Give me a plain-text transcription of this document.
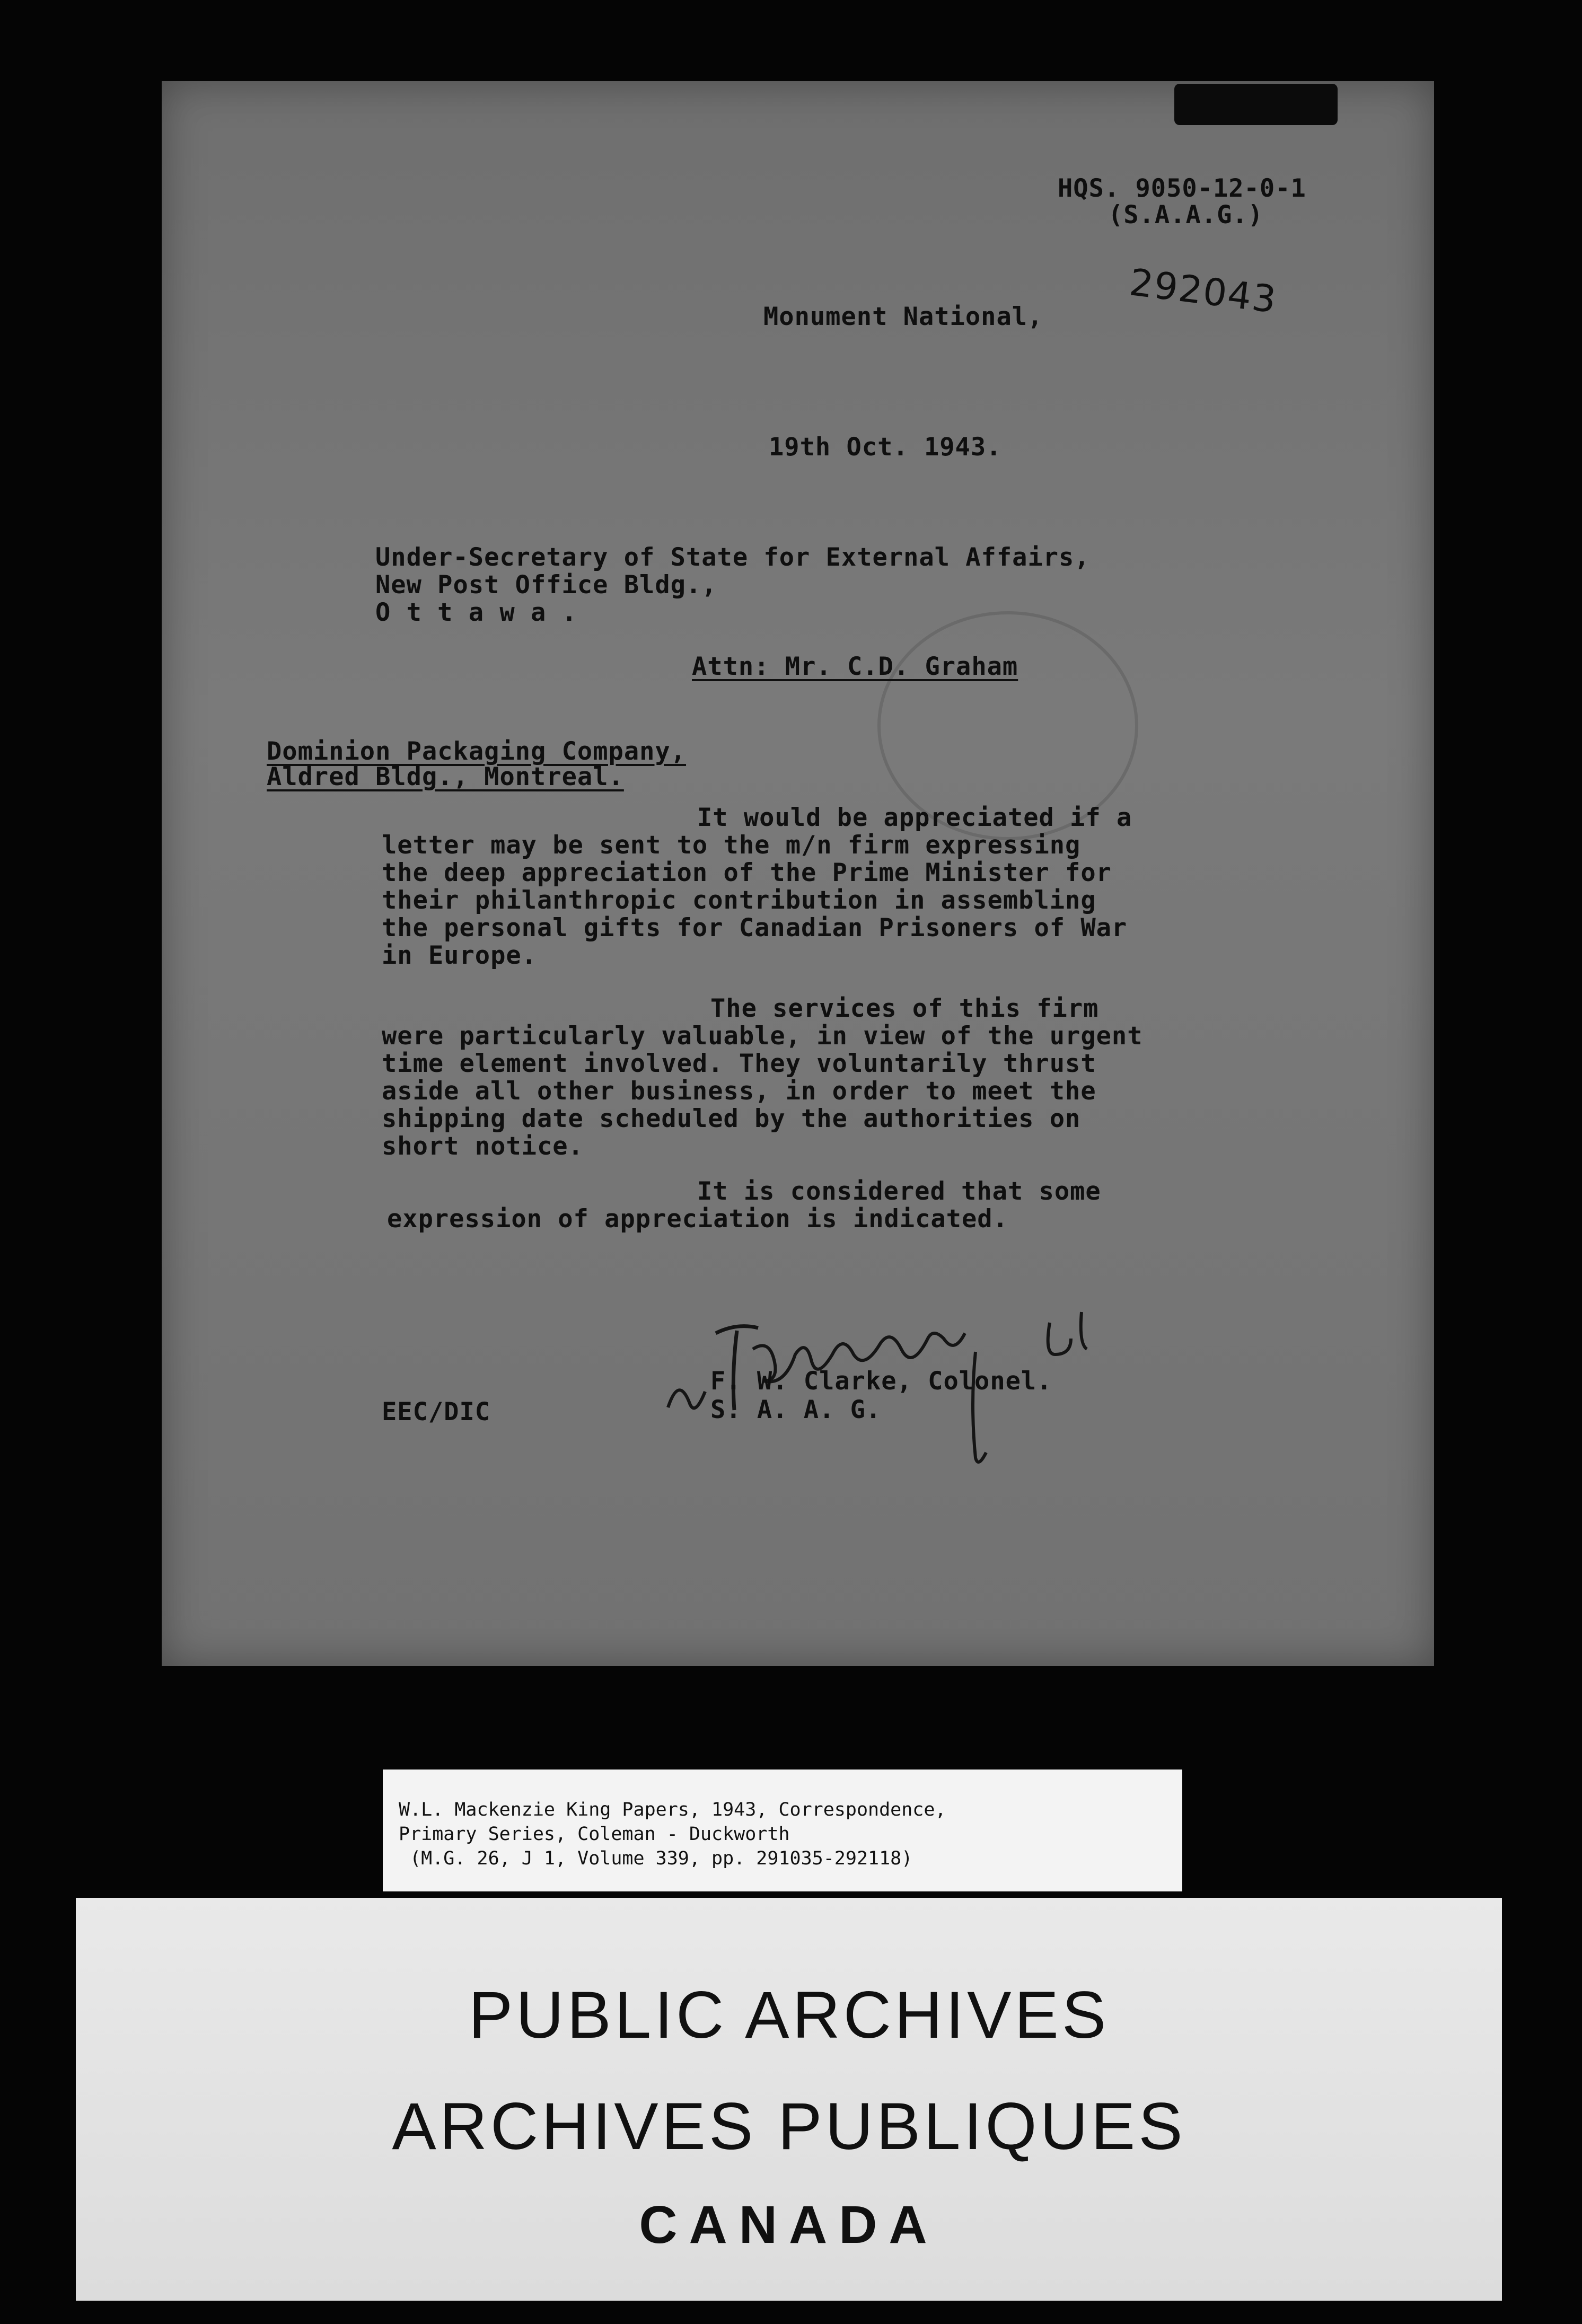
HQS. 9050-12-0-1

(S.A.A.G.)

292043

Monument National,

19th Oct. 1943.

Under-Secretary of State for External Affairs,

New Post Office Bldg.,

O t t a w a .

Attn: Mr. C.D. Graham

Dominion Packaging Company,

Aldred Bldg., Montreal.

It would be appreciated if a

letter may be sent to the m/n firm expressing

the deep appreciation of the Prime Minister for

their philanthropic contribution in assembling

the personal gifts for Canadian Prisoners of War

in Europe.

The services of this firm

were particularly valuable, in view of the urgent

time element involved. They voluntarily thrust

aside all other business, in order to meet the

shipping date scheduled by the authorities on

short notice.

It is considered that some

expression of appreciation is indicated.

F. W. Clarke, Colonel.

S. A. A. G.

EEC/DIC

W.L. Mackenzie King Papers, 1943, Correspondence,

Primary Series, Coleman - Duckworth

(M.G. 26, J 1, Volume 339, pp. 291035-292118)

PUBLIC ARCHIVES

ARCHIVES PUBLIQUES

CANADA
